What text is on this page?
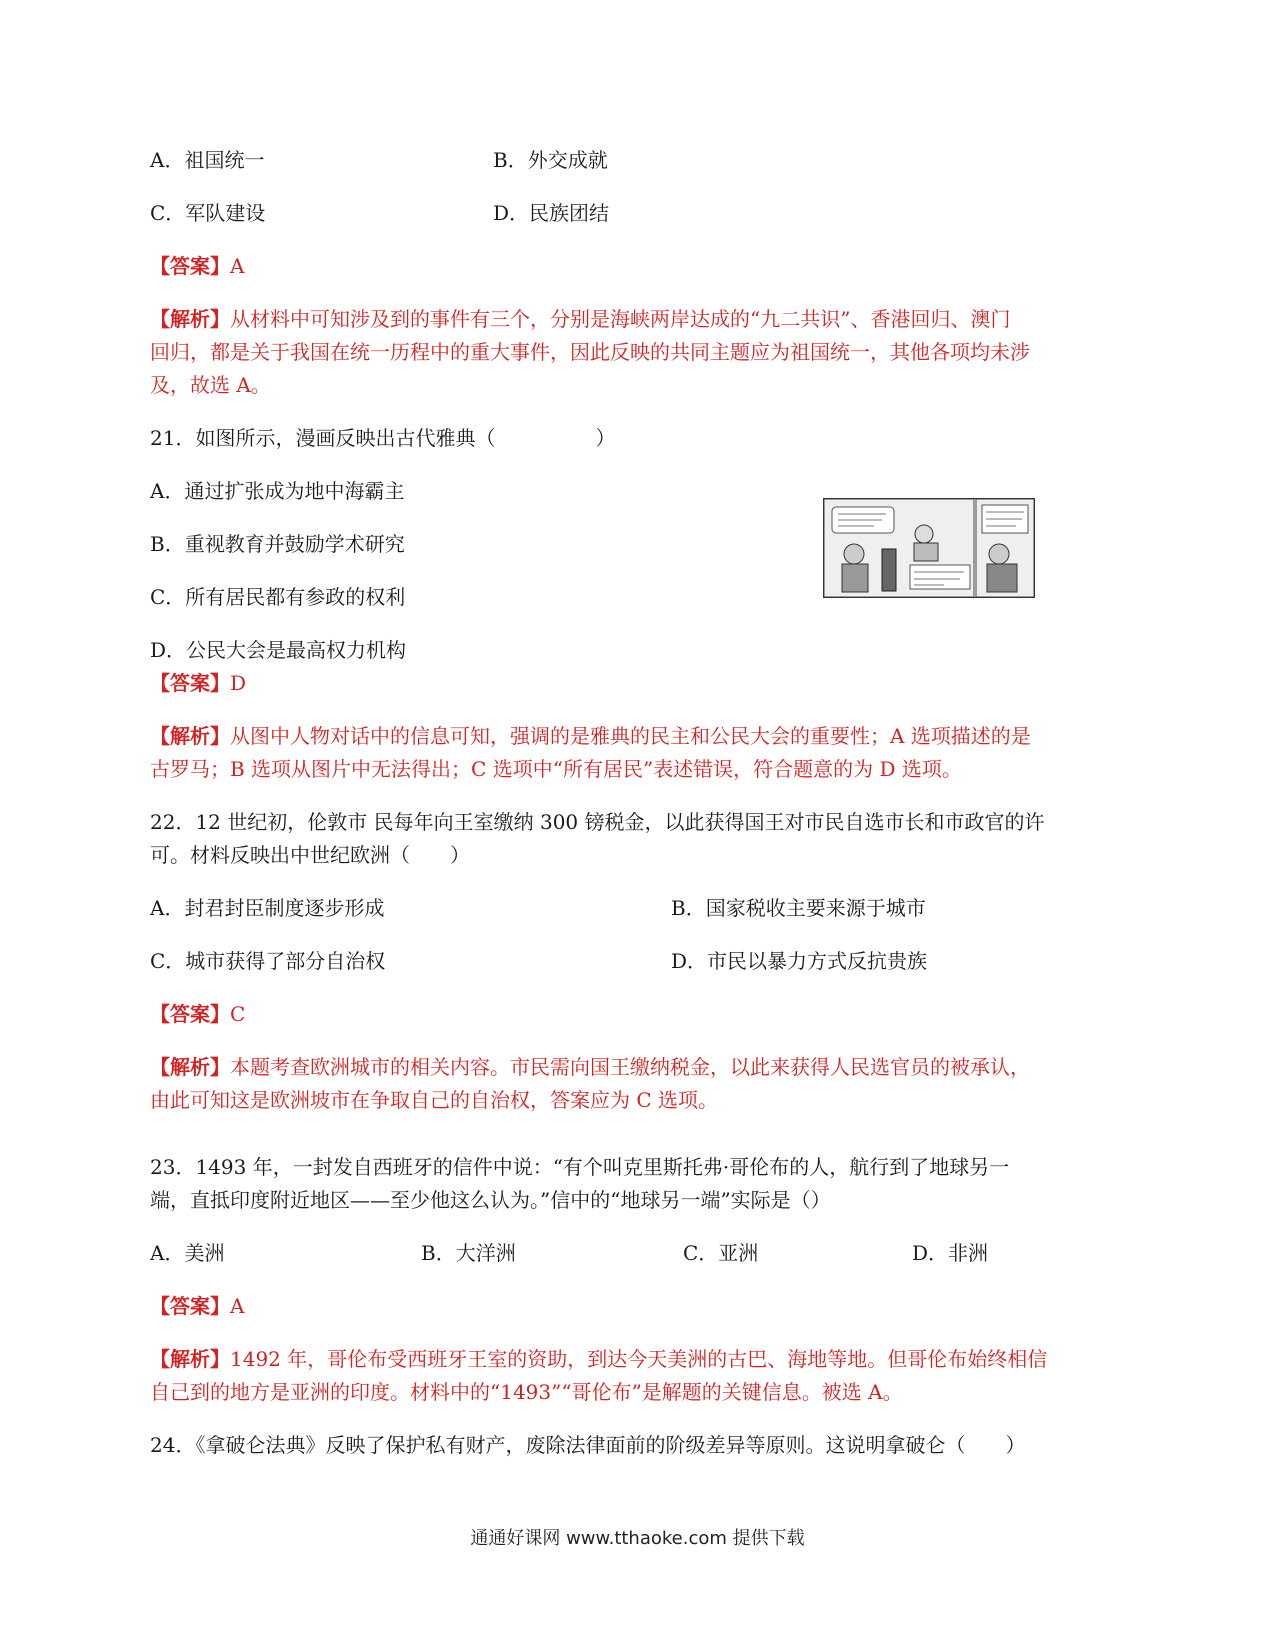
A．祖国统一	B．外交成就
C．军队建设	D．民族团结
【答案】A
【解析】从材料中可知涉及到的事件有三个，分别是海峡两岸达成的“九二共识”、香港回归、澳门
回归，都是关于我国在统一历程中的重大事件，因此反映的共同主题应为祖国统一，其他各项均未涉
及，故选 A。
21．如图所示，漫画反映出古代雅典（　　　　　）
A．通过扩张成为地中海霸主
B．重视教育并鼓励学术研究
C．所有居民都有参政的权利
D．公民大会是最高权力机构
【答案】D
【解析】从图中人物对话中的信息可知，强调的是雅典的民主和公民大会的重要性；A 选项描述的是
古罗马；B 选项从图片中无法得出；C 选项中“所有居民”表述错误，符合题意的为 D 选项。
22．12 世纪初，伦敦市 民每年向王室缴纳 300 镑税金，以此获得国王对市民自选市长和市政官的许
可。材料反映出中世纪欧洲（　　）
A．封君封臣制度逐步形成	B．国家税收主要来源于城市
C．城市获得了部分自治权	D．市民以暴力方式反抗贵族
【答案】C
【解析】本题考查欧洲城市的相关内容。市民需向国王缴纳税金，以此来获得人民选官员的被承认，
由此可知这是欧洲坡市在争取自己的自治权，答案应为 C 选项。
23．1493 年，一封发自西班牙的信件中说：“有个叫克里斯托弗·哥伦布的人，航行到了地球另一
端，直抵印度附近地区——至少他这么认为。”信中的“地球另一端”实际是（）
A．美洲	B．大洋洲	C．亚洲	D．非洲
【答案】A
【解析】1492 年，哥伦布受西班牙王室的资助，到达今天美洲的古巴、海地等地。但哥伦布始终相信
自己到的地方是亚洲的印度。材料中的“1493”“哥伦布”是解题的关键信息。被选 A。
24．《拿破仑法典》反映了保护私有财产，废除法律面前的阶级差异等原则。这说明拿破仑（　　）
通通好课网 www.tthaoke.com 提供下载
